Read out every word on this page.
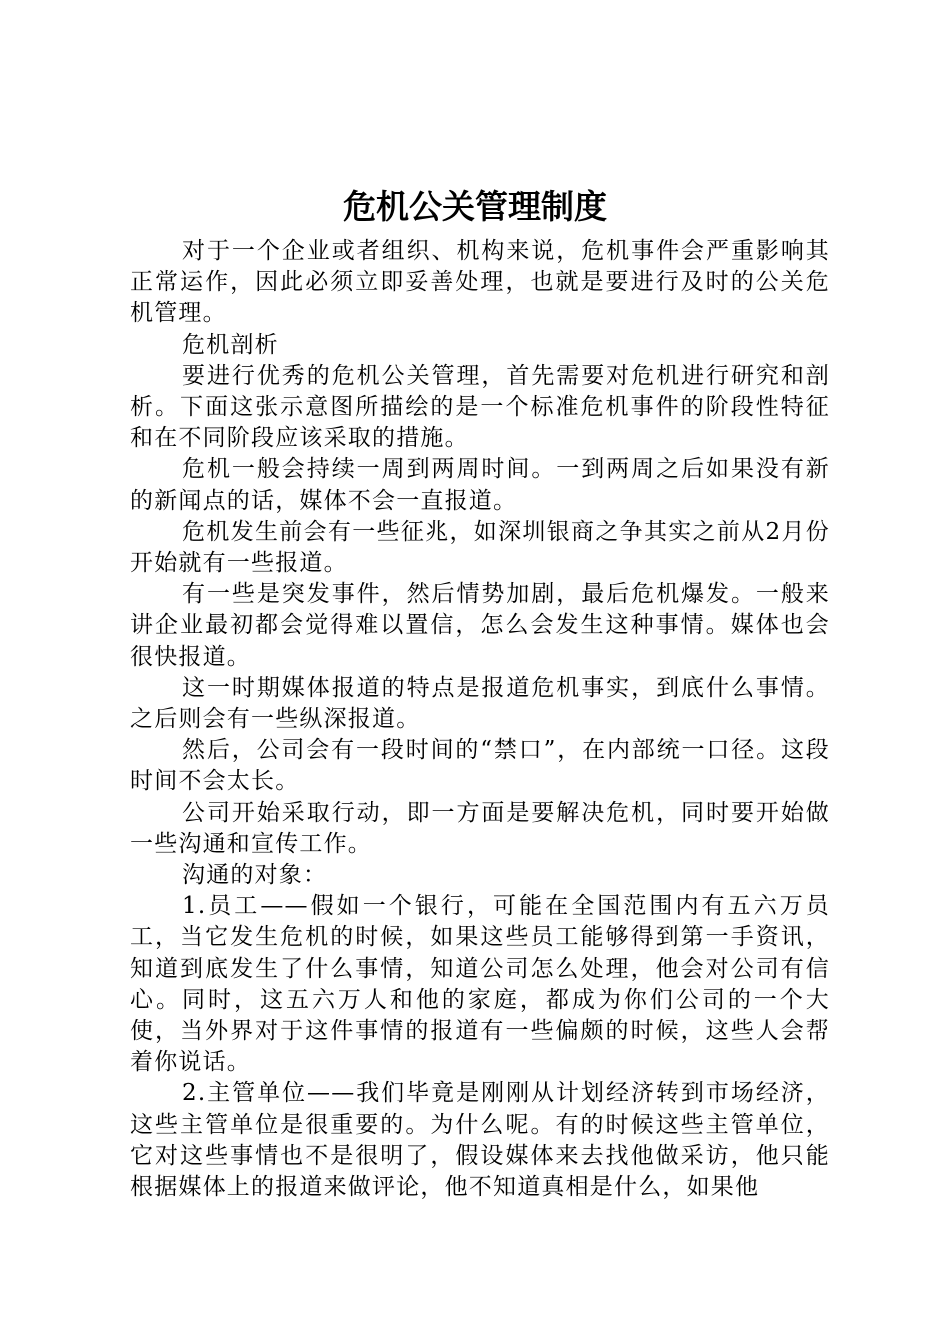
危机公关管理制度

对于一个企业或者组织、机构来说，危机事件会严重影响其正常运作，因此必须立即妥善处理，也就是要进行及时的公关危机管理。

危机剖析

要进行优秀的危机公关管理，首先需要对危机进行研究和剖析。下面这张示意图所描绘的是一个标准危机事件的阶段性特征和在不同阶段应该采取的措施。

危机一般会持续一周到两周时间。一到两周之后如果没有新的新闻点的话，媒体不会一直报道。

危机发生前会有一些征兆，如深圳银商之争其实之前从2月份开始就有一些报道。

有一些是突发事件，然后情势加剧，最后危机爆发。一般来讲企业最初都会觉得难以置信，怎么会发生这种事情。媒体也会很快报道。

这一时期媒体报道的特点是报道危机事实，到底什么事情。之后则会有一些纵深报道。

然后，公司会有一段时间的“禁口”，在内部统一口径。这段时间不会太长。

公司开始采取行动，即一方面是要解决危机，同时要开始做一些沟通和宣传工作。

沟通的对象：

1.员工——假如一个银行，可能在全国范围内有五六万员工，当它发生危机的时候，如果这些员工能够得到第一手资讯，知道到底发生了什么事情，知道公司怎么处理，他会对公司有信心。同时，这五六万人和他的家庭，都成为你们公司的一个大使，当外界对于这件事情的报道有一些偏颇的时候，这些人会帮着你说话。

2.主管单位——我们毕竟是刚刚从计划经济转到市场经济，这些主管单位是很重要的。为什么呢。有的时候这些主管单位，它对这些事情也不是很明了，假设媒体来去找他做采访，他只能根据媒体上的报道来做评论，他不知道真相是什么，如果他
